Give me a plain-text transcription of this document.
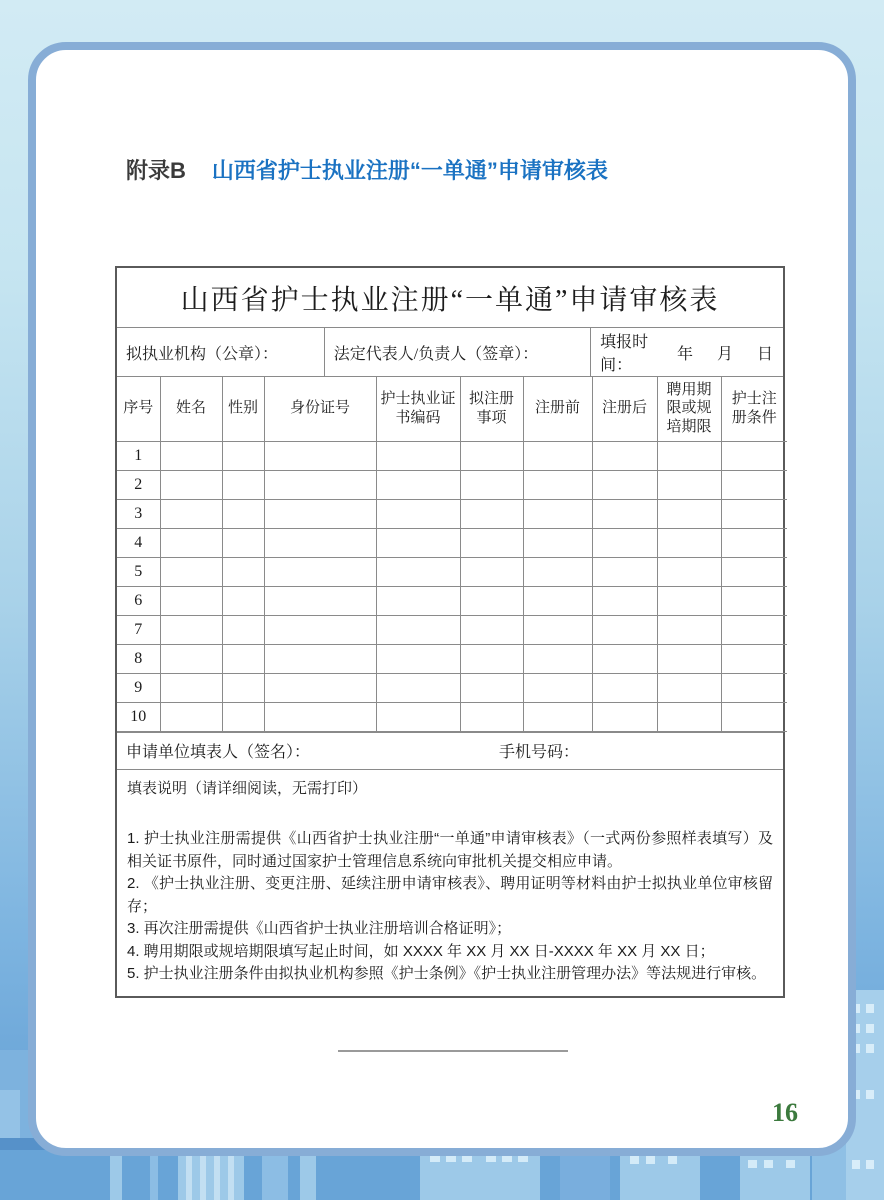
附录B 山西省护士执业注册“一单通”申请审核表
山西省护士执业注册“一单通”申请审核表
拟执业机构（公章）：	法定代表人/负责人（签章）：
填报时间：
年 月 日
序号	姓名	性别	身份证号	护士执业证书编码	拟注册事项	注册前	注册后	聘用期限或规培期限	护士注册条件
1									
2									
3									
4									
5									
6									
7									
8									
9									
10									
申请单位填表人（签名）：	手机号码：
填表说明（请详细阅读，无需打印）
1. 护士执业注册需提供《山西省护士执业注册“一单通”申请审核表》（一式两份参照样表填写）及相关证书原件，同时通过国家护士管理信息系统向审批机关提交相应申请。
2. 《护士执业注册、变更注册、延续注册申请审核表》、聘用证明等材料由护士拟执业单位审核留存；
3. 再次注册需提供《山西省护士执业注册培训合格证明》；
4. 聘用期限或规培期限填写起止时间，如 XXXX 年 XX 月 XX 日-XXXX 年 XX 月 XX 日；
5. 护士执业注册条件由拟执业机构参照《护士条例》《护士执业注册管理办法》等法规进行审核。
16
